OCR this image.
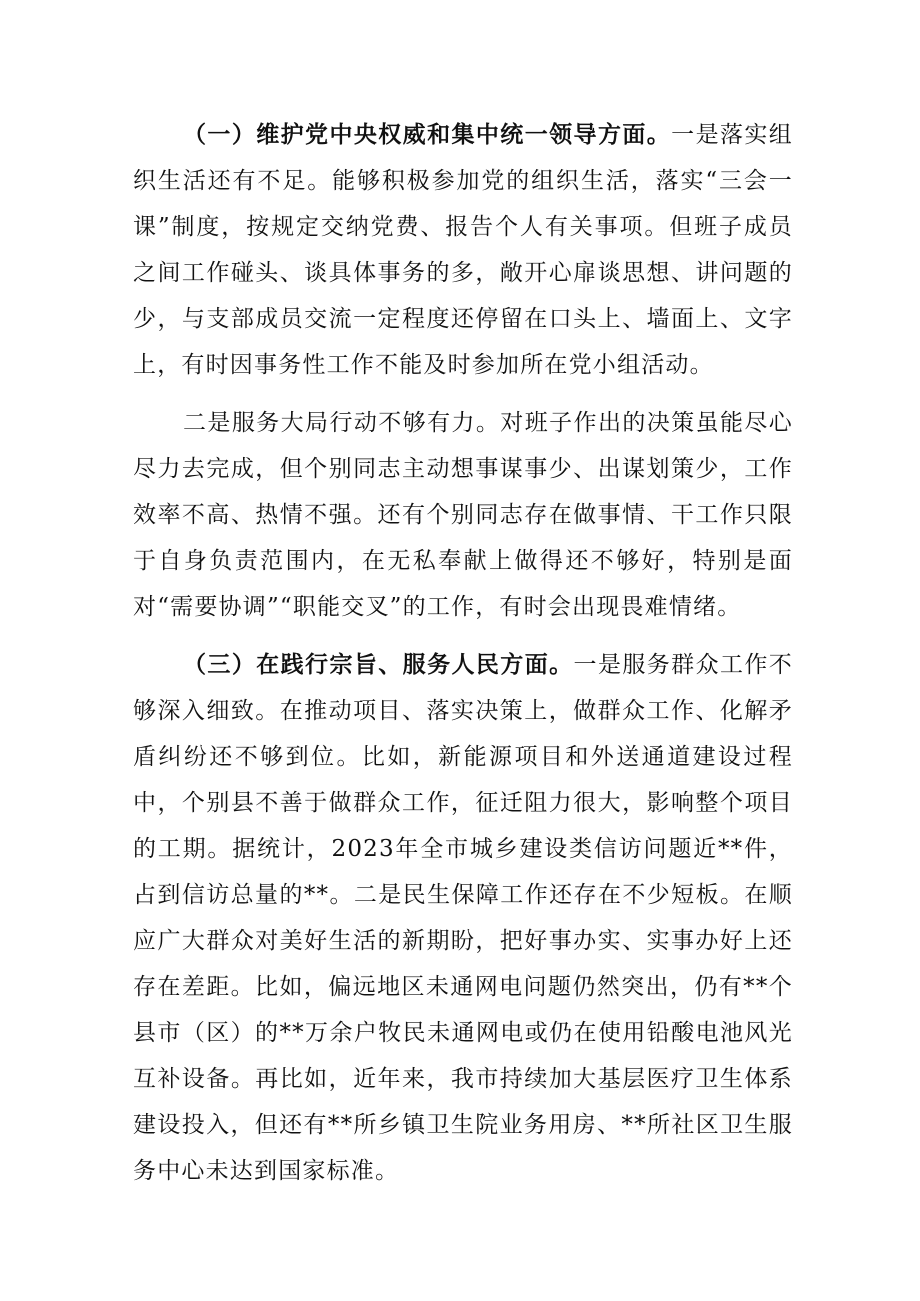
（一）维护党中央权威和集中统一领导方面。一是落实组织生活还有不足。能够积极参加党的组织生活，落实“三会一课”制度，按规定交纳党费、报告个人有关事项。但班子成员之间工作碰头、谈具体事务的多，敞开心扉谈思想、讲问题的少，与支部成员交流一定程度还停留在口头上、墙面上、文字上，有时因事务性工作不能及时参加所在党小组活动。

二是服务大局行动不够有力。对班子作出的决策虽能尽心尽力去完成，但个别同志主动想事谋事少、出谋划策少，工作效率不高、热情不强。还有个别同志存在做事情、干工作只限于自身负责范围内，在无私奉献上做得还不够好，特别是面对“需要协调”“职能交叉”的工作，有时会出现畏难情绪。

（三）在践行宗旨、服务人民方面。一是服务群众工作不够深入细致。在推动项目、落实决策上，做群众工作、化解矛盾纠纷还不够到位。比如，新能源项目和外送通道建设过程中，个别县不善于做群众工作，征迁阻力很大，影响整个项目的工期。据统计，2023年全市城乡建设类信访问题近**件，占到信访总量的**。二是民生保障工作还存在不少短板。在顺应广大群众对美好生活的新期盼，把好事办实、实事办好上还存在差距。比如，偏远地区未通网电问题仍然突出，仍有**个县市（区）的**万余户牧民未通网电或仍在使用铅酸电池风光互补设备。再比如，近年来，我市持续加大基层医疗卫生体系建设投入，但还有**所乡镇卫生院业务用房、**所社区卫生服务中心未达到国家标准。
